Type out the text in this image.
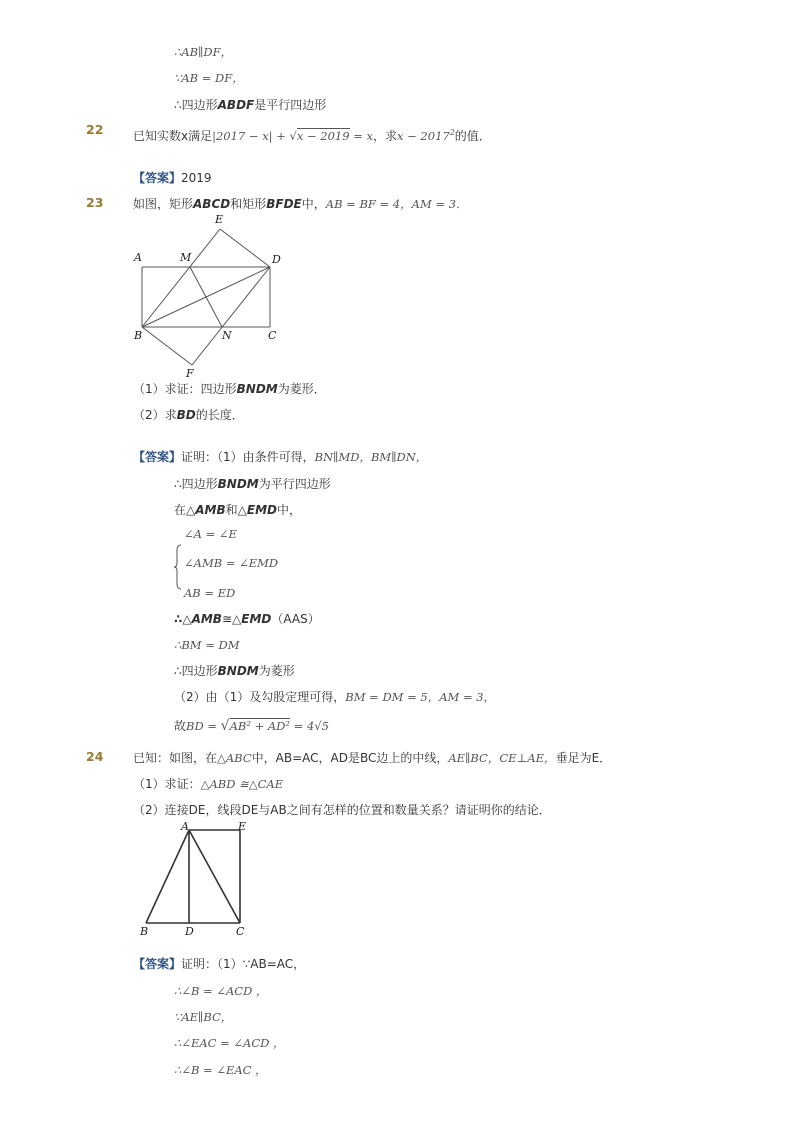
∴AB∥DF，
∵AB = DF，
∴四边形ABDF是平行四边形
22 已知实数x满足|2017 − x| + √x − 2019 = x，求$x - 2017^2$的值．
【答案】2019
23 如图，矩形ABCD和矩形BFDE中，AB = BF = 4，AM = 3．
A	M
E
D
B	N	C
F
（1）求证：四边形BNDM为菱形．
（2）求BD的长度．
【答案】证明：（1）由条件可得，BN∥MD，BM∥DN，
∴四边形BNDM为平行四边形
在△AMB和△EMD中，
∠A = ∠E
∠AMB = ∠EMD
AB = ED
∴△AMB≅△EMD（AAS）
∴BM = DM
∴四边形BNDM为菱形
（2）由（1）及勾股定理可得，BM = DM = 5，AM = 3，
故BD = √AB² + AD² = 4√5
24 已知：如图，在△ABC中，AB=AC，AD是BC边上的中线，AE∥BC，CE⊥AE，垂足为E．
（1）求证：△ABD ≅△CAE
（2）连接DE，线段DE与AB之间有怎样的位置和数量关系？请证明你的结论．
A	E
B	D	C
【答案】证明：（1）∵AB=AC，
∴∠B = ∠ACD ，
∵AE∥BC，
∴∠EAC = ∠ACD ，
∴∠B = ∠EAC ，
